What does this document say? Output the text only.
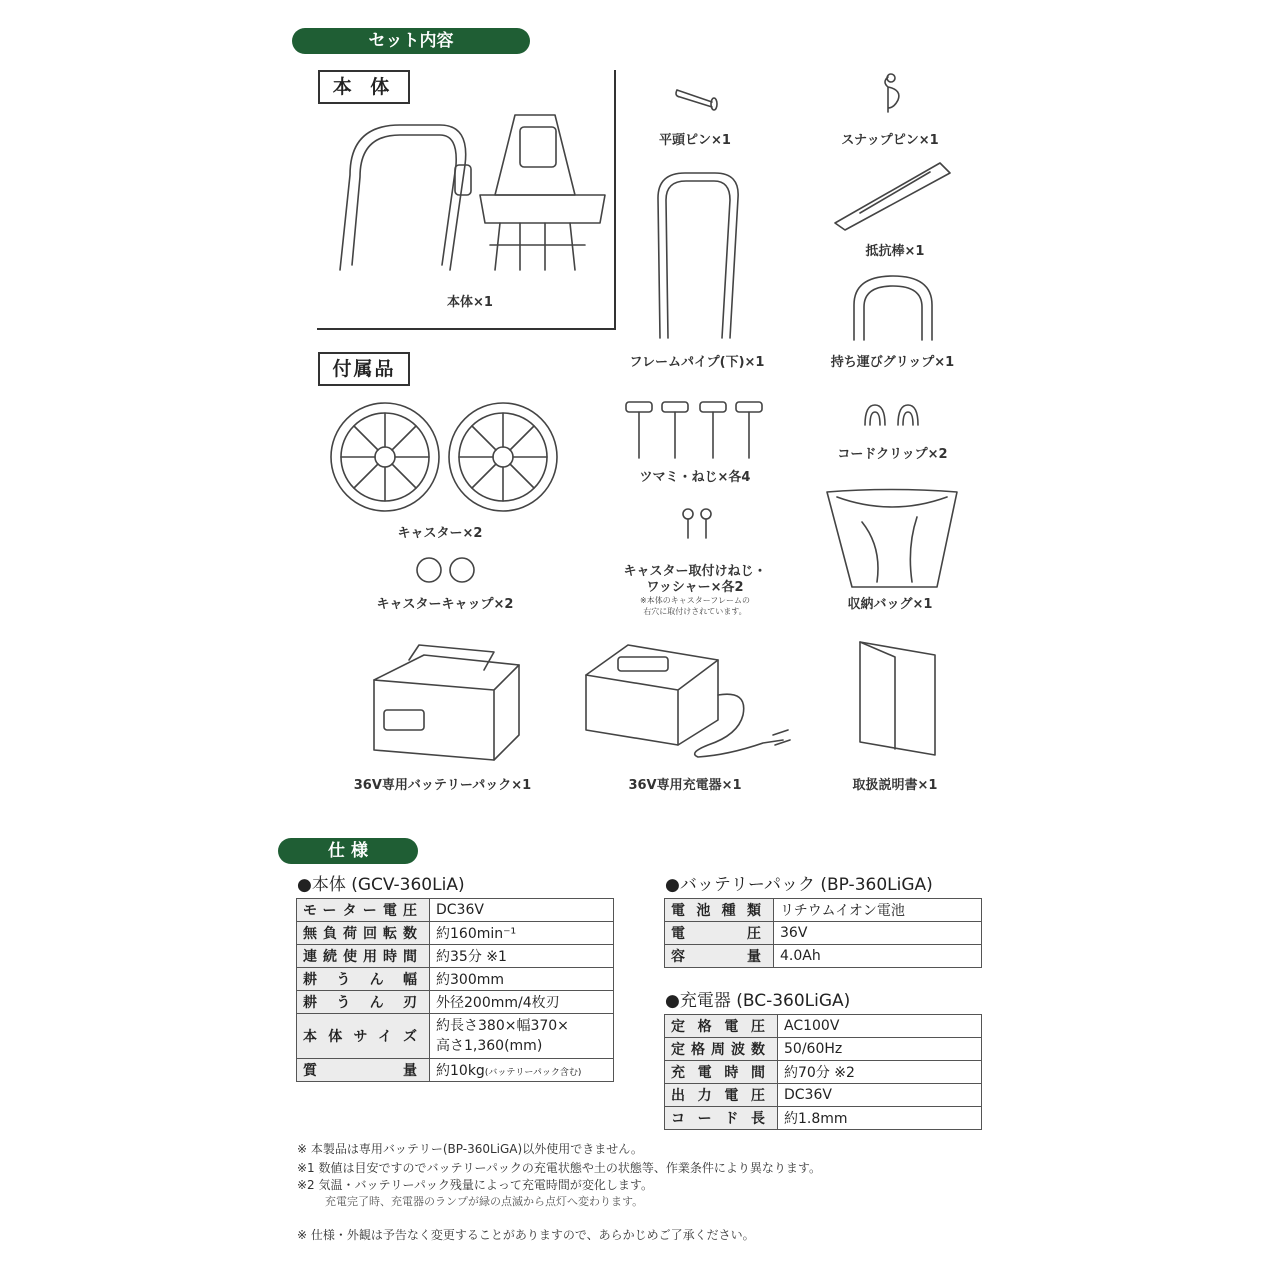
セット内容
本 体
本体×1
平頭ピン×1	スナップピン×1
フレームパイプ(下)×1
抵抗棒×1
持ち運びグリップ×1
付属品
キャスター×2
ツマミ・ねじ×各4
コードクリップ×2

キャスター取付けねじ・
ワッシャー×各2

※本体のキャスターフレームの
右穴に取付けされています。	収納バッグ×1
キャスターキャップ×2
36V専用バッテリーパック×1	36V専用充電器×1	取扱説明書×1
仕 様
●本体 (GCV-360LiA)
モーター電圧	DC36V
無負荷回転数	約160min⁻¹
連続使用時間	約35分 ※1
耕うん幅	約300mm
耕うん刃	外径200mm/4枚刃
本体サイズ	約長さ380×幅370×
高さ1,360(mm)
質量	約10kg(バッテリーパック含む)
●バッテリーパック (BP-360LiGA)
電池種類	リチウムイオン電池
電圧	36V
容量	4.0Ah
●充電器 (BC-360LiGA)
定格電圧	AC100V
定格周波数	50/60Hz
充電時間	約70分 ※2
出力電圧	DC36V
コード長	約1.8mm
※ 本製品は専用バッテリー(BP-360LiGA)以外使用できません。
※1 数値は目安ですのでバッテリーパックの充電状態や土の状態等、作業条件により異なります。
※2 気温・バッテリーパック残量によって充電時間が変化します。
充電完了時、充電器のランプが緑の点滅から点灯へ変わります。
※ 仕様・外観は予告なく変更することがありますので、あらかじめご了承ください。
